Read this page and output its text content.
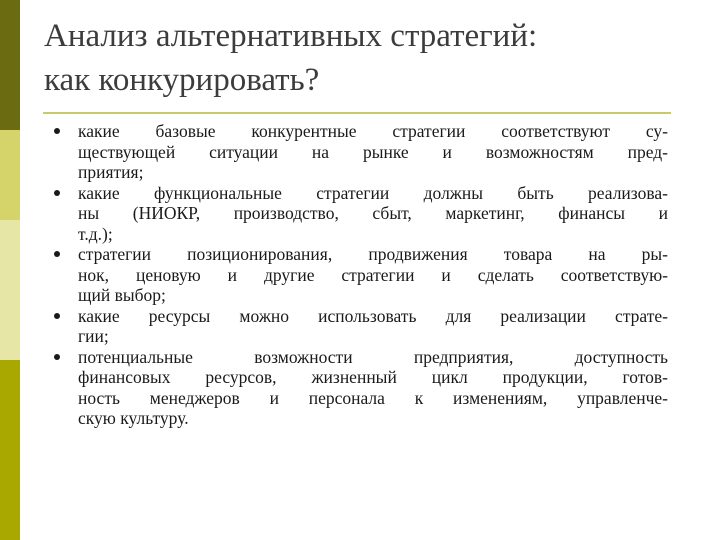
Анализ альтернативных стратегий:
как конкурировать?
какие базовые конкурентные стратегии соответствуют су-
ществующей ситуации на рынке и возможностям пред-
приятия;
какие функциональные стратегии должны быть реализова-
ны (НИОКР, производство, сбыт, маркетинг, финансы и
т.д.);
стратегии позиционирования, продвижения товара на ры-
нок, ценовую и другие стратегии и сделать соответствую-
щий выбор;
какие ресурсы можно использовать для реализации страте-
гии;
потенциальные возможности предприятия, доступность
финансовых ресурсов, жизненный цикл продукции, готов-
ность менеджеров и персонала к изменениям, управленче-
скую культуру.
